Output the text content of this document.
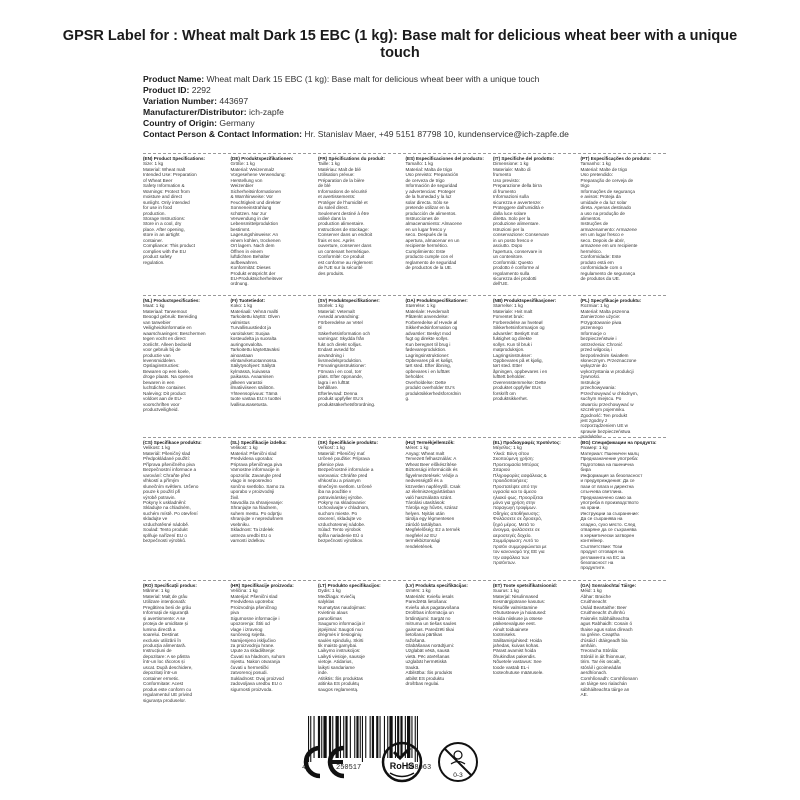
GPSR Label for : Wheat malt Dark 15 EBC (1 kg): Base malt for delicious wheat beer with a unique touch
Product Name: Wheat malt Dark 15 EBC (1 kg): Base malt for delicious wheat beer with a unique touch
Product ID: 2292
Variation Number: 443697
Manufacturer/Distributor: ich-zapfe
Country of Origin: Germany
Contact Person & Contact Information: Hr. Stanislav Maer, +49 5151 87798 10, kundenservice@ich-zapfe.de
(EN) Product Specifications:
Size: 1 kg
Material: Wheat malt
Intended Use: Preparation
of Wheat Beer
Safety Information &
Warnings: Protect from
moisture and direct
sunlight. Only intended
for use in food
production.
Storage Instructions:
Store in a cool, dry
place. After opening,
store in an airtight
container.
Compliance: This product
complies with the EU
product safety
regulation.
(DE) Produktspezifikationen:
Größe: 1 kg
Material: Weizenmalz
Vorgesehene Verwendung:
Herstellung von
Weizenbier
Sicherheitsinformationen
& Warnhinweise: Vor
Feuchtigkeit und direkter
Sonneneinstrahlung
schützen. Nur zur
Verwendung in der
Lebensmittelproduktion
bestimmt.
Lagerungshinweise: An
einem kühlen, trockenen
Ort lagern. Nach dem
Öffnen in einem
luftdichten Behälter
aufbewahren.
Konformität: Dieses
Produkt entspricht der
EU-Produktsicherheitsver
ordnung.
(FR) Spécifications du produit:
Taille: 1 kg
Matériau: Malt de blé
Utilisation prévue:
Préparation de la bière
de blé
Informations de sécurité
et avertissements:
Protéger de l'humidité et
du soleil direct.
Seulement destiné à être
utilisé dans la
production alimentaire.
Instructions de stockage:
Conserver dans un endroit
frais et sec. Après
ouverture, conserver dans
un contenant hermétique.
Conformité: Ce produit
est conforme au règlement
de l'UE sur la sécurité
des produits.
(ES) Especificaciones del producto:
Tamaño: 1 kg
Material: Malta de trigo
Uso previsto: Preparación
de cerveza de trigo
Información de seguridad
y advertencias: Proteger
de la humedad y la luz
solar directa. Sólo se
pretende utilizar en la
producción de alimentos.
Instrucciones de
almacenamiento: Almacene
en un lugar fresco y
seco. Después de la
apertura, almacenar en un
recipiente hermético.
Cumplimiento: Este
producto cumple con el
reglamento de seguridad
de productos de la UE.
(IT) Specifiche del prodotto:
Dimensione: 1 kg
Materiale: Malto di
frumento
Uso previsto:
Preparazione della birra
di frumento
Informazioni sulla
sicurezza e avvertenze:
Proteggere dall'umidità e
dalla luce solare
diretta. Solo per la
produzione alimentare.
Istruzioni per la
conservazione: Conservare
in un posto fresco e
asciutto. Dopo
l'apertura, conservare in
un contenitore.
Conformità: Questo
prodotto è conforme al
regolamento sulla
sicurezza dei prodotti
dell'UE.
(PT) Especificações do produto:
Tamanho: 1 kg
Material: Malte de trigo
Uso pretendido:
Preparação de cerveja de
trigo
Informações de segurança
e avisos: Proteja da
umidade e da luz solar
direta. Apenas destinado
a uso na produção de
alimentos.
Instruções de
armazenamento: Armazene
em um lugar fresco e
seco. Depois de abrir,
armazene em um recipiente
hermético.
Conformidade: Este
produto está em
conformidade com o
regulamento de segurança
de produtos da UE.
(NL) Productspecificaties:
Maat: 1 kg
Materiaal: Tarwemout
Beoogd gebruik: Bereiding
van tarwebier
Veiligheidsinformatie en
waarschuwingen: Beschermen
tegen vocht en direct
zonlicht. Alleen bedoeld
voor gebruik bij de
productie van
levensmiddelen.
Opslaginstructies:
Bewaren op een koele,
droge plaats. Na openen
bewaren in een
luchtdichte container.
Naleving: Dit product
voldoet aan de EU-
voorschriften voor
productveiligheid.
(FI) Tuotetiedot:
Koko: 1 kg
Materiaali: Vehnä mallti
Tarkoitettu käyttö: Olven
valmistus
Turvallisuustiedot ja
varoitukset: Suojaa
kosteudelta ja suoralta
auringonvalolta.
Tarkoitettu käytettäväksi
ainoastaan
elintarviketuotannossa.
Säilytysohjeet: Säilytä
kylmässä, kuivassa
paikassa. Avaamisen
jälkeen varastoi
ilmatiiviiseen säiliöön.
Yhteensopivuus: Tämä
tuote vastaa EU:n tuottei
lvallisuusasetusta.
(SV) Produktspecifikationer:
Storlek: 1 kg
Material: Vetemalt
Avsedd användning:
Förberedelse av Vetel
öl
Säkerhetsinformation och
varningar: Skydda från
fukt och direkt solljus.
Endast avsedd för
användning i
livsmedelsproduktion.
Förvaringsinstruktioner:
Förvara i en cool, torr
plats. Efter öppnande,
lagra i en lufttät
behållare.
Efterlevnad: Denna
produkt uppfyller EU:s
produktsäkerhetsförordning.
(DA) Produktspecifikationer:
Størrelse: 1 kg
Materiale: Hvedemalt
Påtænkt anvendelse:
Forberedelse af Hvede øl
Sikkerhedsinformation og
advarsler: Beskyt mod
fugt og direkte sollys.
Kun beregnet til brug i
fødevareproduktion.
Lagringsinstruktioner:
Opbevares på et køligt,
tørt sted. Efter åbning,
opbevares i en lufttæt
beholder.
Overholdelse: Dette
produkt overholder EU's
produktsikkerhedsforordnin
g.
(NB) Produktspesifikasjoner:
Størrelse: 1 kg
Materiale: Hvit malt
Forventet bruk:
Forberedelse av hveteøl
Sikkerhetsinformasjon og
advarsler: Beskytt mot
fuktighet og direkte
sollys. Kun til bruk i
matproduksjon.
Lagringsinstrukser:
Oppbevares på et kjølig,
tørt sted. Etter
åpningen, oppbevares i en
lufttett beholder.
Overensstemmelse: Dette
produktet oppfyller EUs
forskrift om
produktsikkerhet.
(PL) Specyfikacje produktu:
Rozmiar: 1 kg
Materiał: Malta pszenna
Zamierzone użycie:
Przygotowanie piwa
pszennego
Informacje o
bezpieczeństwie i
ostrzeżenia: Chronić
przed wilgocią i
bezpośrednim światłem
słonecznym. Przeznaczone
wyłącznie do
wykorzystania w produkcji
żywności.
Instrukcje
przechowywania:
Przechowywać w chłodnym,
suchym miejscu. Po
otwarciu przechowywać w
szczelnym pojemniku.
Zgodność: Ten produkt
jest zgodny z
rozporządzeniem UE w
sprawie bezpieczeństwa
produktów.
(CS) Specifikace produktu:
Velikost: 1 kg
Materiál: Pšeničný slad
Předpokládané použití:
Příprava pšeničného piva
Bezpečnostní informace a
varování: Chraňte před
vlhkostí a přímým
slunečním světlem. Určeno
pouze k použití při
výrobě potravin.
Pokyny k uskladnění:
Skladujte na chladném,
suchém místě. Po otevření
skladujte ve
vzduchotěsné nádobě.
Soulad: Tento produkt
splňuje nařízení EU o
bezpečnosti výrobků.
(SL) Specifikacije izdelka:
Velikost: 1 kg
Material: Pšenični slad
Predvidena uporaba:
Priprava pšeničnega piva
Varnostne informacije in
opozorila: Zavarujte pred
vlago in neposredno
sončno svetlobo. Samo za
uporabo v proizvodnji
živil.
Navodila za shranjevanje:
Shranjujte na hladnem,
suhem mestu. Po odprtju
shranjujte v nepredušnem
vsebniku.
Skladnost: Ta izdelek
ustreza uredbi EU o
varnosti izdelkov.
(SK) Špecifikácie produktu:
Veľkosť: 1 kg
Materiál: Pšeničný mať
Určené použitie: Príprava
pšenice piva
Bezpečnostné informácie a
varovania: Chráňte pred
vlhkosťou a priamym
slnečným svetlom. Určené
iba na použitie v
potravinárskej výrobe.
Pokyny na skladovanie:
Uchovávajte v chladnom,
suchom mieste. Po
otvorení, skladujte vo
vzduchotesnej nádobe.
Súlad: Tento výrobok
spĺňa nariadenie EÚ o
bezpečnosti výrobkov.
(HU) Termékjellemzők:
Méret: 1 kg
Anyag: Wheat malt
Tervezett felhasználás: A
Wheat Beer előkészítése
Biztonsági információk és
figyelmeztetések: Védje a
nedvességtől és a
közvetlen napfénytől. Csak
az élelmiszergyártásban
való használatra szánt.
Tárolási utasítások:
Tárolja egy hűvös, száraz
helyen. Nyitás után
tárolja egy légmentesen
záródó tartályban.
Megfelelőség: Ez a termék
megfelel az EU
termékbiztonsági
rendeletének.
(EL) Προδιαγραφές προϊόντος:
Μέγεθος: 1 kg
Υλικό: Βύνη σίτου
Σκοπούμενη χρήση:
Προετοιμασία Μπύρας
Σιταριού
Πληροφορίες ασφάλειας &
προειδοποιήσεις:
Προστατέψτε από την
υγρασία και το άμεσο
ηλιακό φως. Προορίζεται
μόνο για χρήση στην
παραγωγή τροφίμων.
Οδηγίες αποθήκευσης:
Φυλάσσετε σε δροσερό,
ξηρό μέρος. Μετά το
άνοιγμα, φυλάσσετε σε
αεροστεγές δοχείο.
Συμμόρφωση: Αυτό το
προϊόν συμμορφώνεται με
τον κανονισμό της ΕΕ για
την ασφάλεια των
προϊόντων.
(BG) Спецификации на продукта:
Размер: 1 kg
Материал: Пшеничен малц
Предназначение употреба:
Подготовка на пшенична
бира
Информация за безопасност
и предупреждения: Да се
пази от влага и директна
слънчева светлина.
Предназначено само за
употреба в производството
на храни.
Инструкции за съхранение:
Да се съхранява на
хладно, сухо място. След
отваряне да се съхранява
в херметически затворен
контейнер.
Съответствие: Този
продукт отговаря на
регламента на ЕС за
безопасност на
продуктите.
(RO) Specificații produs:
Mărime: 1 kg
Material: Malț de grâu
Utilizare intenționată:
Pregătirea berii de grâu
Informații de siguranță
și avertismente: A se
proteja de umiditate și
lumina directă a
soarelui. Destinat
exclusiv utilizării în
producția alimentară.
Instrucțiuni de
depozitare: A se păstra
într-un loc răcoros și
uscat. După deschidere,
depozitați într-un
container ermetic.
Conformitate: Acest
produs este conform cu
regulamentul UE privind
siguranța produselor.
(HR) Specifikacije proizvoda:
Veličina: 1 kg
Materijal: Pšenični slad
Predviđena upotreba:
Proizvodnja pšeničnog
piva
Sigurnosne informacije i
upozorenja: Štiti od
vlage i izravnog
sunčevog svjetla.
Namijenjeno isključivo
za proizvodnju hrane.
Upute za skladištenje:
Čuvati na hladnom, suhom
mjestu. Nakon otvaranja
čuvati u hermetički
zatvorenoj posudi.
Sukladnost: Ovaj proizvod
zadovoljava uredbu EU o
sigurnosti proizvoda.
(LT) Produkto specifikacijos:
Dydis: 1 kg
Medžiaga: Kviečių
salyklas
Numatytas naudojimas:
Kvietinio alaus
paruošimas
Saugumo informacija ir
įspėjimai: Saugoti nuo
drėgmės ir tiesioginių
saulės spindulių. Skirti
tik maisto gamybai.
Laikymo instrukcijos:
Laikyti vėsioje, sausoje
vietoje. Atidarius,
laikyti sandariame
inde.
Atitiktis: Šis produktas
atitinka ES produktų
saugos reglamentą.
(LV) Produkta specifikācijas:
Izmērs: 1 kg
Materiāls: Kviešu iesals
Paredzētā lietošana:
Kviešu alus pagatavošana
Drošības informācija un
brīdinājumi: Sargāt no
mitruma un tiešas saules
gaismas. Paredzēti tikai
lietošanai pārtikas
ražošanā.
Glabāšanas norādījumi:
Uzglabāt vēsā, sausā
vietā. Pēc atvēršanas
uzglabāt hermētiskā
traukā.
Atbilstība: Šis produkts
atbilst ES produktu
drošības regulai.
(ET) Toote spetsifikatsioonid:
Suurus: 1 kg
Materjal: Nisulinnased
Eesmärgipärane kasutus:
Nisuõlle valmistamine
Ohutusteave ja hoiatused:
Hoida niiskuse ja otsese
päikesevalguse eest.
Ainult toiduainete
tootmiseks.
Säilitamisjuhised: Hoida
jahedas, kuivas kohas.
Pärast avamist hoida
õhukindlas pakendis.
Nõuetele vastavus: See
toode vastab EL-i
tooteohutuse määrusele.
(GA) Sonraíochtaí Táirge:
Méid: 1 kg
Ábhar: Braiche
Cruithneacht
Úsáid Beartaithe: Beer
Cruithneacht d'ullmhú
Faisnéis Sábháilteachta
agus Rabhaidh: Cosain ó
thaise agus solas díreach
na gréine. Ceaptha
d'úsáid i dtáirgeadh bia
amháin.
Treoracha Stórála:
Stóráil in áit fhionnuar,
tirim. Tar éis oscailt,
stóráil i gcoimeádán
aerdhíonach.
Comhlíonadh: Comhlíonann
an táirge seo rialachán
sábháilteachta táirge an
AE.
4	250517	508063
RoHS
0-3
